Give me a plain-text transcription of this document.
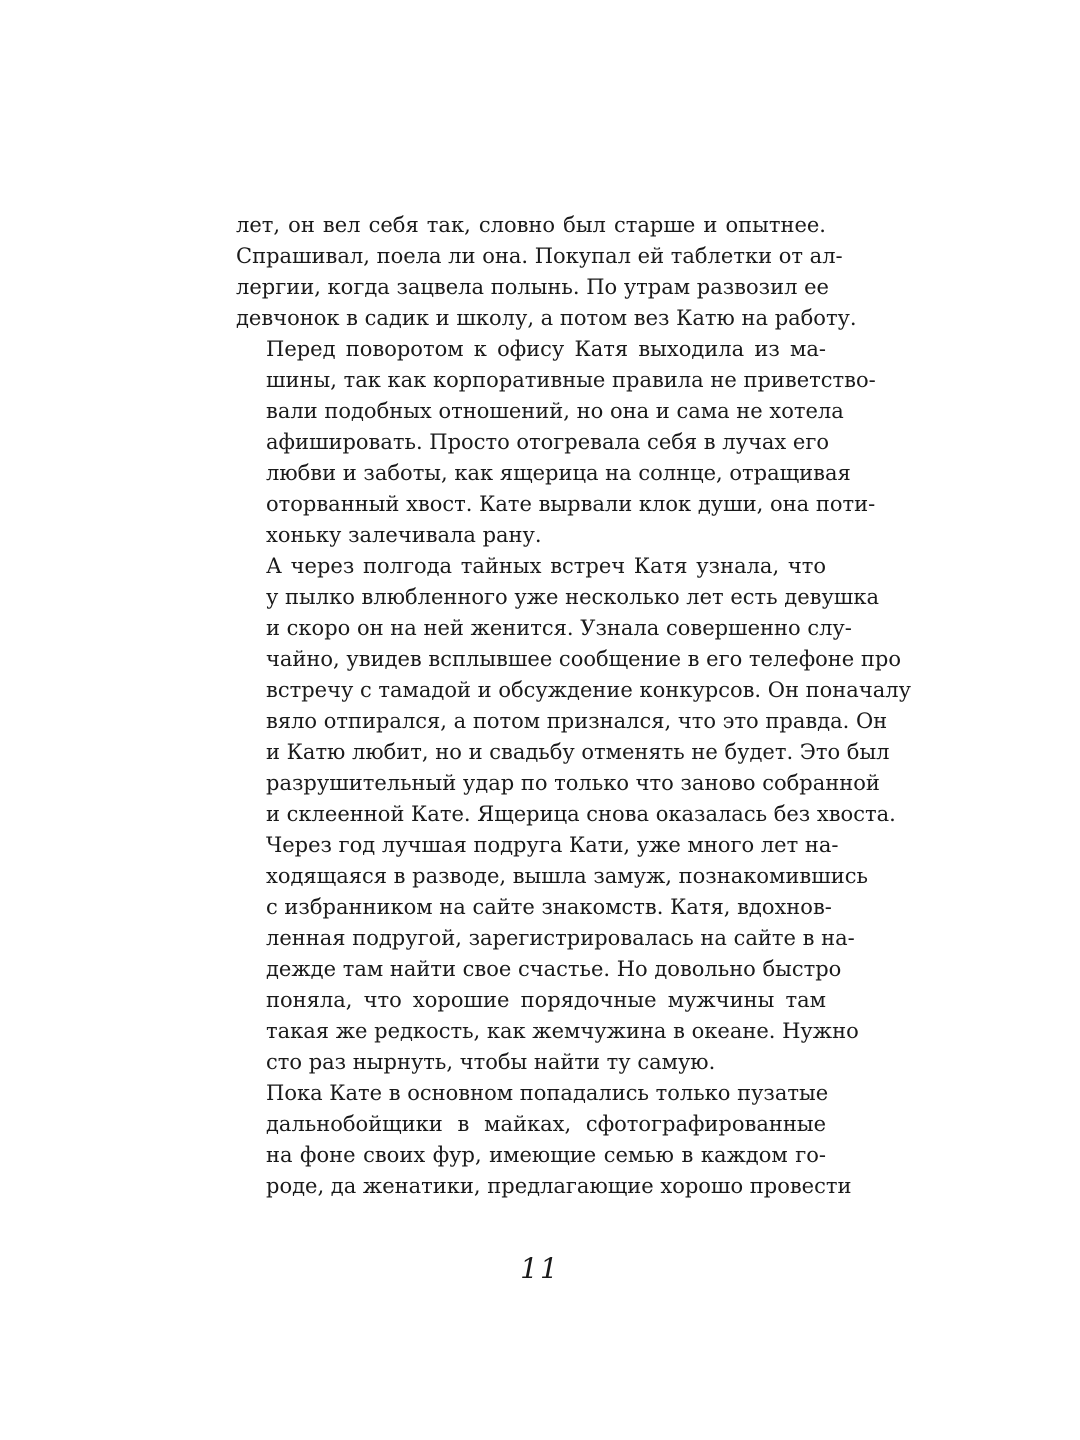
лет, он вел себя так, словно был старше и опытнее.
Спрашивал, поела ли она. Покупал ей таблетки от ал-
лергии, когда зацвела полынь. По утрам развозил ее
девчонок в садик и школу, а потом вез Катю на работу.

Перед поворотом к офису Катя выходила из ма-
шины, так как корпоративные правила не приветство-
вали подобных отношений, но она и сама не хотела
афишировать. Просто отогревала себя в лучах его
любви и заботы, как ящерица на солнце, отращивая
оторванный хвост. Кате вырвали клок души, она поти-
хоньку залечивала рану.

А через полгода тайных встреч Катя узнала, что
у пылко влюбленного уже несколько лет есть девушка
и скоро он на ней женится. Узнала совершенно слу-
чайно, увидев всплывшее сообщение в его телефоне про
встречу с тамадой и обсуждение конкурсов. Он поначалу
вяло отпирался, а потом признался, что это правда. Он
и Катю любит, но и свадьбу отменять не будет. Это был
разрушительный удар по только что заново собранной
и склеенной Кате. Ящерица снова оказалась без хвоста.

Через год лучшая подруга Кати, уже много лет на-
ходящаяся в разводе, вышла замуж, познакомившись
с избранником на сайте знакомств. Катя, вдохнов-
ленная подругой, зарегистрировалась на сайте в на-
дежде там найти свое счастье. Но довольно быстро
поняла, что хорошие порядочные мужчины там
такая же редкость, как жемчужина в океане. Нужно
сто раз нырнуть, чтобы найти ту самую.

Пока Кате в основном попадались только пузатые
дальнобойщики в майках, сфотографированные
на фоне своих фур, имеющие семью в каждом го-
роде, да женатики, предлагающие хорошо провести

11
